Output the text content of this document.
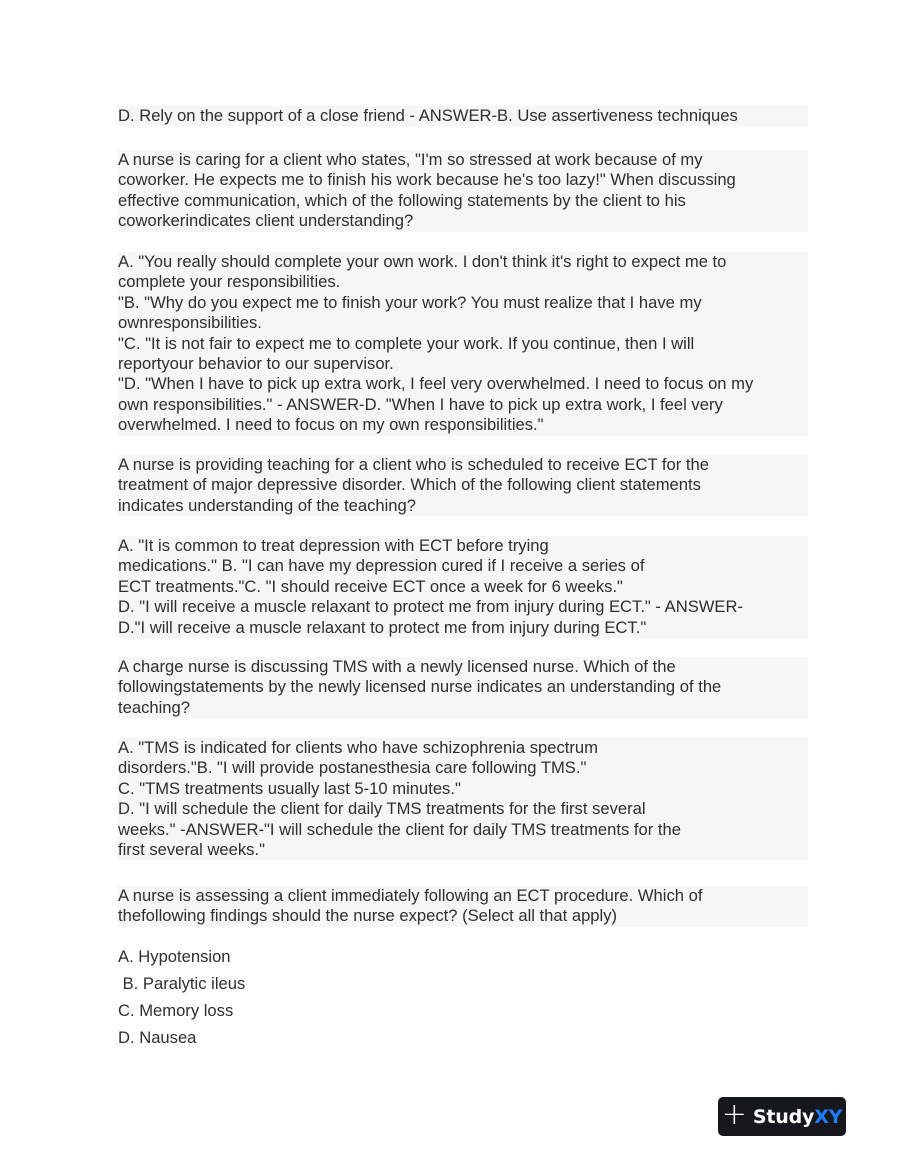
D. Rely on the support of a close friend - ANSWER-B. Use assertiveness techniques
A nurse is caring for a client who states, "I'm so stressed at work because of my
coworker. He expects me to finish his work because he's too lazy!" When discussing
effective communication, which of the following statements by the client to his
coworkerindicates client understanding?
A. "You really should complete your own work. I don't think it's right to expect me to
complete your responsibilities.
"B. "Why do you expect me to finish your work? You must realize that I have my
ownresponsibilities.
"C. "It is not fair to expect me to complete your work. If you continue, then I will
reportyour behavior to our supervisor.
"D. "When I have to pick up extra work, I feel very overwhelmed. I need to focus on my
own responsibilities." - ANSWER-D. "When I have to pick up extra work, I feel very
overwhelmed. I need to focus on my own responsibilities."
A nurse is providing teaching for a client who is scheduled to receive ECT for the
treatment of major depressive disorder. Which of the following client statements
indicates understanding of the teaching?
A. "It is common to treat depression with ECT before trying
medications." B. "I can have my depression cured if I receive a series of
ECT treatments."C. "I should receive ECT once a week for 6 weeks."
D. "I will receive a muscle relaxant to protect me from injury during ECT." - ANSWER-
D."I will receive a muscle relaxant to protect me from injury during ECT."
A charge nurse is discussing TMS with a newly licensed nurse. Which of the
followingstatements by the newly licensed nurse indicates an understanding of the
teaching?
A. "TMS is indicated for clients who have schizophrenia spectrum
disorders."B. "I will provide postanesthesia care following TMS."
C. "TMS treatments usually last 5-10 minutes."
D. "I will schedule the client for daily TMS treatments for the first several
weeks." -ANSWER-"I will schedule the client for daily TMS treatments for the
first several weeks."
A nurse is assessing a client immediately following an ECT procedure. Which of
thefollowing findings should the nurse expect? (Select all that apply)
A. Hypotension
B. Paralytic ileus
C. Memory loss
D. Nausea
+ StudyXY
